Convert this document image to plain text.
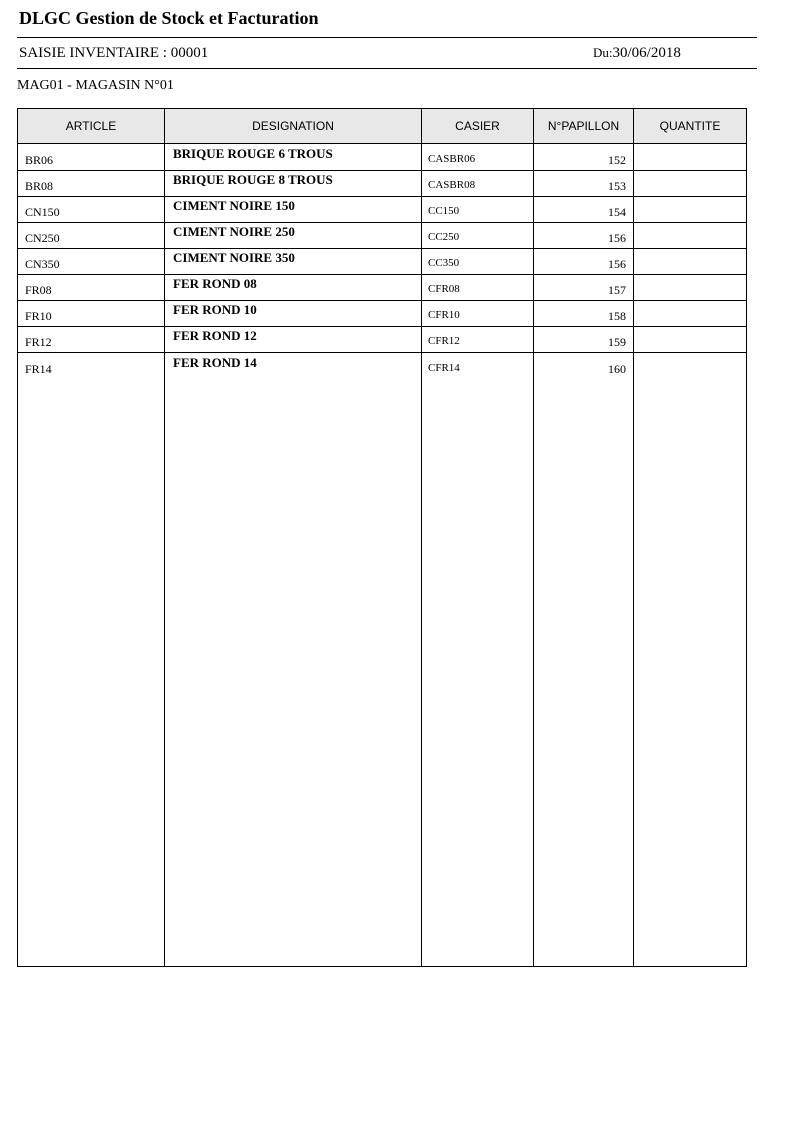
DLGC Gestion de Stock et Facturation
SAISIE INVENTAIRE : 00001	Du:30/06/2018
MAG01 - MAGASIN N°01
ARTICLE	DESIGNATION	CASIER	N°PAPILLON	QUANTITE
BR06	BRIQUE ROUGE 6 TROUS	CASBR06	152
BR08	BRIQUE ROUGE 8 TROUS	CASBR08	153
CN150	CIMENT NOIRE 150	CC150	154
CN250	CIMENT NOIRE 250	CC250	156
CN350	CIMENT NOIRE 350	CC350	156
FR08	FER ROND 08	CFR08	157
FR10	FER ROND 10	CFR10	158
FR12	FER ROND 12	CFR12	159
FR14	FER ROND 14	CFR14	160
